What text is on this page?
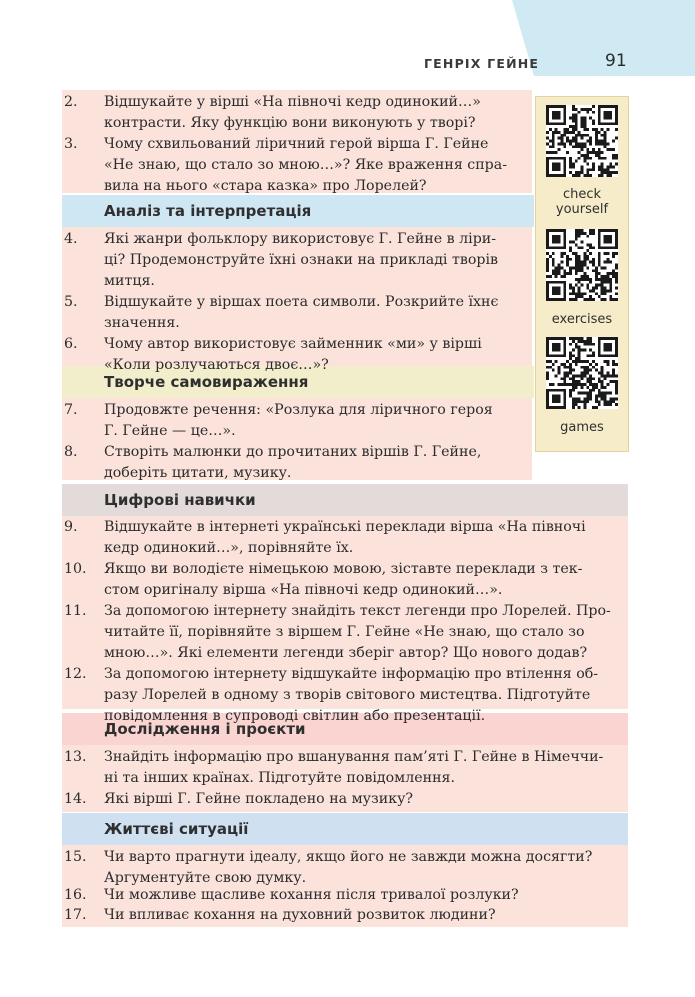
ГЕНРІХ ГЕЙНЕ	91
Аналіз та інтерпретація
Творче самовираження
Цифрові навички
Дослідження і проєкти
Життєві ситуації
2.	Відшукайте у вірші «На півночі кедр одинокий…»
контрасти. Яку функцію вони виконують у творі?
3.	Чому схвильований ліричний герой вірша Г. Гейне
«Не знаю, що стало зо мною…»? Яке враження спра-
вила на нього «стара казка» про Лорелей?
4.	Які жанри фольклору використовує Г. Гейне в ліри-
ці? Продемонструйте їхні ознаки на прикладі творів
митця.
5.	Відшукайте у віршах поета символи. Розкрийте їхнє
значення.
6.	Чому автор використовує займенник «ми» у вірші
«Коли розлучаються двоє…»?
7.	Продовжте речення: «Розлука для ліричного героя
Г. Гейне — це…».
8.	Створіть малюнки до прочитаних віршів Г. Гейне,
доберіть цитати, музику.
9.	Відшукайте в інтернеті українські переклади вірша «На півночі
кедр одинокий…», порівняйте їх.
10.	Якщо ви володієте німецькою мовою, зіставте переклади з тек-
стом оригіналу вірша «На півночі кедр одинокий…».
11.	За допомогою інтернету знайдіть текст легенди про Лорелей. Про-
читайте її, порівняйте з віршем Г. Гейне «Не знаю, що стало зо
мною…». Які елементи легенди зберіг автор? Що нового додав?
12.	За допомогою інтернету відшукайте інформацію про втілення об-
разу Лорелей в одному з творів світового мистецтва. Підготуйте
повідомлення в супроводі світлин або презентації.
13.	Знайдіть інформацію про вшанування пам’яті Г. Гейне в Німеччи-
ні та інших країнах. Підготуйте повідомлення.
14.	Які вірші Г. Гейне покладено на музику?
15.	Чи варто прагнути ідеалу, якщо його не завжди можна досягти?
Аргументуйте свою думку.
16.	Чи можливе щасливе кохання після тривалої розлуки?
17.	Чи впливає кохання на духовний розвиток людини?
check
yourself
exercises
games
